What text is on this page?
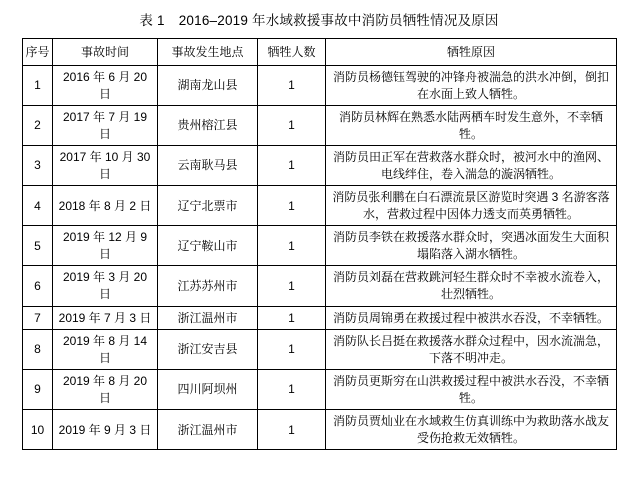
表 1 2016–2019 年水域救援事故中消防员牺牲情况及原因
序号	事故时间	事故发生地点	牺牲人数	牺牲原因
1	2016 年 6 月 20 日	湖南龙山县	1	消防员杨德钰驾驶的冲锋舟被湍急的洪水冲倒，倒扣在水面上致人牺牲。
2	2017 年 7 月 19 日	贵州榕江县	1	消防员林辉在熟悉水陆两栖车时发生意外，不幸牺牲。
3	2017 年 10 月 30 日	云南耿马县	1	消防员田正军在营救落水群众时，被河水中的渔网、电线绊住，卷入湍急的漩涡牺牲。
4	2018 年 8 月 2 日	辽宁北票市	1	消防员张利鹏在白石漂流景区游览时突遇 3 名游客落水，营救过程中因体力透支而英勇牺牲。
5	2019 年 12 月 9 日	辽宁鞍山市	1	消防员李铁在救援落水群众时，突遇冰面发生大面积塌陷落入湖水牺牲。
6	2019 年 3 月 20 日	江苏苏州市	1	消防员刘磊在营救跳河轻生群众时不幸被水流卷入，壮烈牺牲。
7	2019 年 7 月 3 日	浙江温州市	1	消防员周锦勇在救援过程中被洪水吞没，不幸牺牲。
8	2019 年 8 月 14 日	浙江安吉县	1	消防队长吕挺在救援落水群众过程中，因水流湍急，下落不明冲走。
9	2019 年 8 月 20 日	四川阿坝州	1	消防员更斯穷在山洪救援过程中被洪水吞没，不幸牺牲。
10	2019 年 9 月 3 日	浙江温州市	1	消防员贾灿业在水域救生仿真训练中为救助落水战友受伤抢救无效牺牲。
